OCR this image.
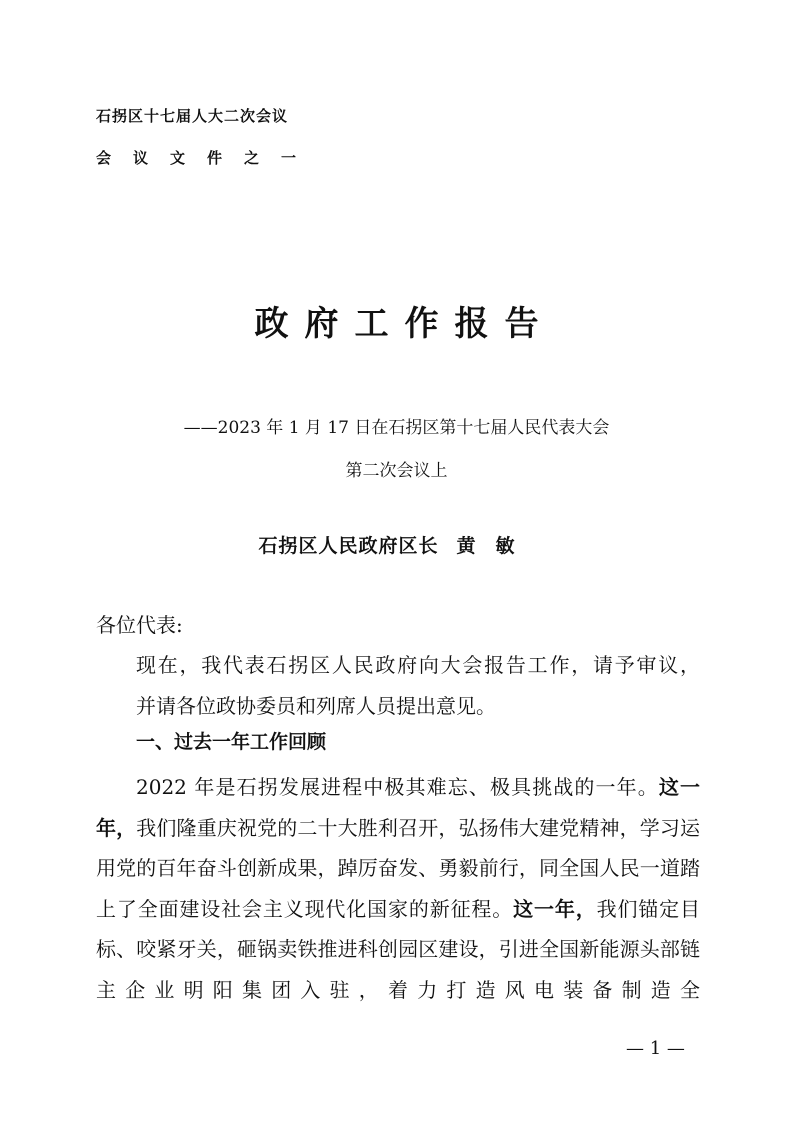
石拐区十七届人大二次会议
会议文件之一
政府工作报告
——2023 年 1 月 17 日在石拐区第十七届人民代表大会
第二次会议上
石拐区人民政府区长 黄敏
各位代表:
现在，我代表石拐区人民政府向大会报告工作，请予审议，
并请各位政协委员和列席人员提出意见。
一、过去一年工作回顾
2022 年是石拐发展进程中极其难忘、极具挑战的一年。这一年，我们隆重庆祝党的二十大胜利召开，弘扬伟大建党精神，学习运用党的百年奋斗创新成果，踔厉奋发、勇毅前行，同全国人民一道踏上了全面建设社会主义现代化国家的新征程。这一年，我们锚定目标、咬紧牙关，砸锅卖铁推进科创园区建设，引进全国新能源头部链主企业明阳集团入驻，着力打造风电装备制造全
— 1 —
